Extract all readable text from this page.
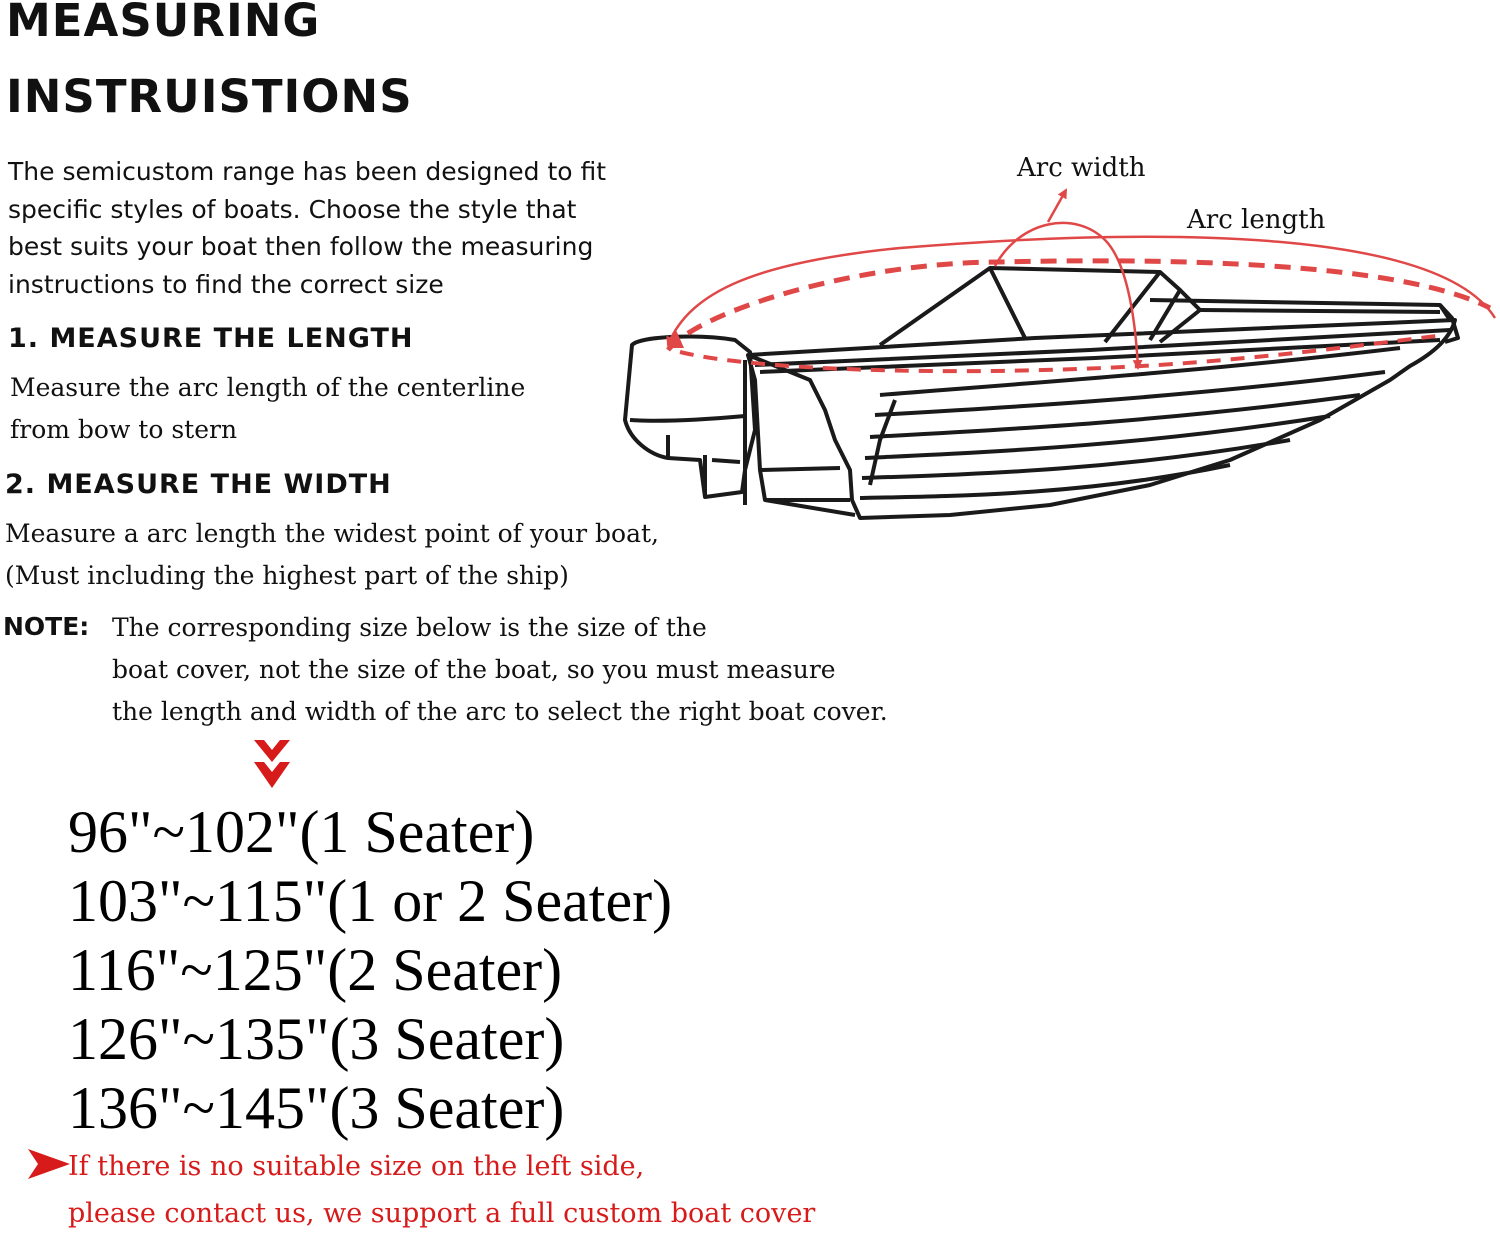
MEASURING
INSTRUISTIONS
The semicustom range has been designed to fit
specific styles of boats. Choose the style that
best suits your boat then follow the measuring
instructions to find the correct size
1. MEASURE THE LENGTH
Measure the arc length of the centerline
from bow to stern
2. MEASURE THE WIDTH
Measure a arc length the widest point of your boat,
(Must including the highest part of the ship)
NOTE: The corresponding size below is the size of the
boat cover, not the size of the boat, so you must measure
the length and width of the arc to select the right boat cover.
96"~102"(1 Seater)
103"~115"(1 or 2 Seater)
116"~125"(2 Seater)
126"~135"(3 Seater)
136"~145"(3 Seater)
If there is no suitable size on the left side,
please contact us, we support a full custom boat cover
Arc width
Arc length
